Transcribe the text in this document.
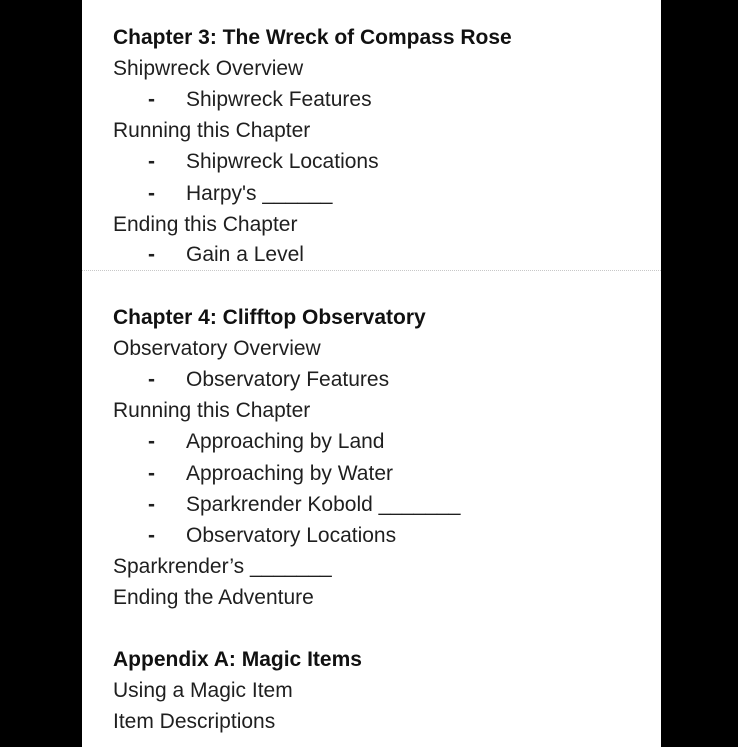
Chapter 3: The Wreck of Compass Rose
Shipwreck Overview
- Shipwreck Features
Running this Chapter
- Shipwreck Locations
- Harpy's ______
Ending this Chapter
- Gain a Level
Chapter 4: Clifftop Observatory
Observatory Overview
- Observatory Features
Running this Chapter
- Approaching by Land
- Approaching by Water
- Sparkrender Kobold _______
- Observatory Locations
Sparkrender’s _______
Ending the Adventure
Appendix A: Magic Items
Using a Magic Item
Item Descriptions
